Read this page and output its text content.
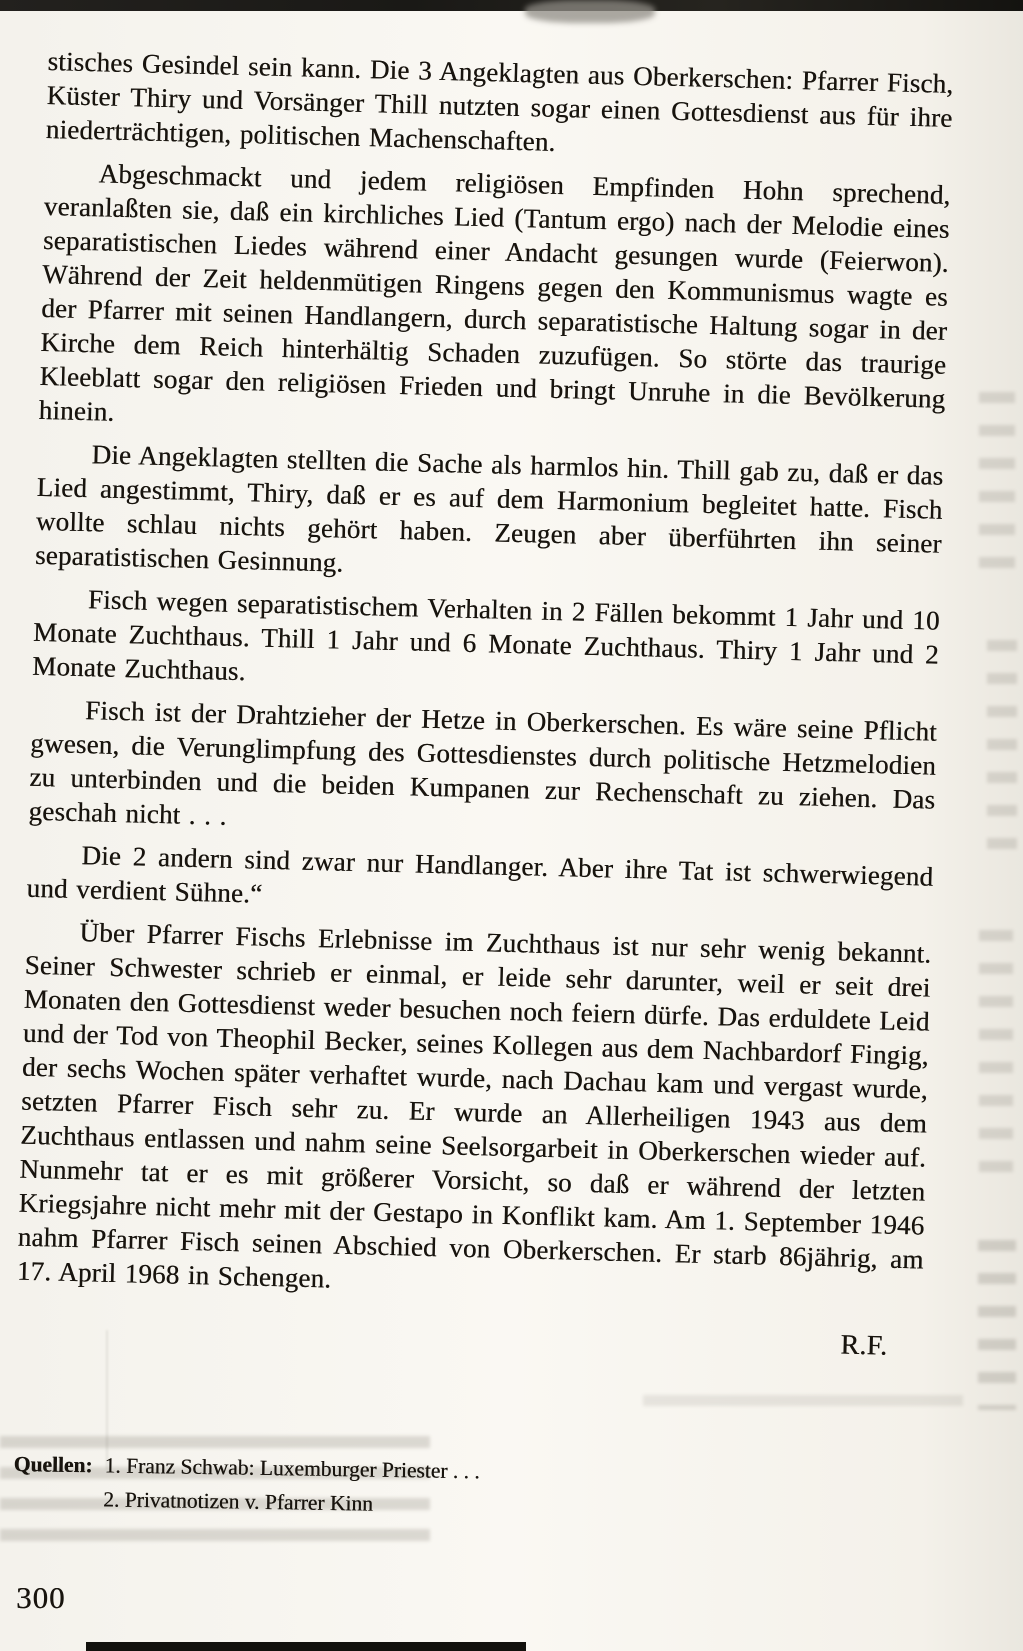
stisches Gesindel sein kann. Die 3 Angeklagten aus Oberkerschen: Pfarrer Fisch, Küster Thiry und Vorsänger Thill nutzten sogar einen Gottesdienst aus für ihre niederträchtigen, politischen Machenschaften.

Abgeschmackt und jedem religiösen Empfinden Hohn sprechend, veranlaßten sie, daß ein kirchliches Lied (Tantum ergo) nach der Melodie eines separatistischen Liedes während einer Andacht gesungen wurde (Feierwon). Während der Zeit heldenmütigen Ringens gegen den Kommunismus wagte es der Pfarrer mit seinen Handlangern, durch separatistische Haltung sogar in der Kirche dem Reich hinterhältig Schaden zuzufügen. So störte das traurige Kleeblatt sogar den religiösen Frieden und bringt Unruhe in die Bevölkerung hinein.

Die Angeklagten stellten die Sache als harmlos hin. Thill gab zu, daß er das Lied angestimmt, Thiry, daß er es auf dem Harmonium begleitet hatte. Fisch wollte schlau nichts gehört haben. Zeugen aber überführten ihn seiner separatistischen Gesinnung.

Fisch wegen separatistischem Verhalten in 2 Fällen bekommt 1 Jahr und 10 Monate Zuchthaus. Thill 1 Jahr und 6 Monate Zuchthaus. Thiry 1 Jahr und 2 Monate Zuchthaus.

Fisch ist der Drahtzieher der Hetze in Oberkerschen. Es wäre seine Pflicht gwesen, die Verunglimpfung des Gottesdienstes durch politische Hetzmelodien zu unterbinden und die beiden Kumpanen zur Rechenschaft zu ziehen. Das geschah nicht . . .

Die 2 andern sind zwar nur Handlanger. Aber ihre Tat ist schwerwiegend und verdient Sühne.“

Über Pfarrer Fischs Erlebnisse im Zuchthaus ist nur sehr wenig bekannt. Seiner Schwester schrieb er einmal, er leide sehr darunter, weil er seit drei Monaten den Gottesdienst weder besuchen noch feiern dürfe. Das erduldete Leid und der Tod von Theophil Becker, seines Kollegen aus dem Nachbardorf Fingig, der sechs Wochen später verhaftet wurde, nach Dachau kam und vergast wurde, setzten Pfarrer Fisch sehr zu. Er wurde an Allerheiligen 1943 aus dem Zuchthaus entlassen und nahm seine Seelsorgarbeit in Oberkerschen wieder auf. Nunmehr tat er es mit größerer Vorsicht, so daß er während der letzten Kriegsjahre nicht mehr mit der Gestapo in Konflikt kam. Am 1. September 1946 nahm Pfarrer Fisch seinen Abschied von Oberkerschen. Er starb 86jährig, am 17. April 1968 in Schengen.

R.F.

Quellen: 1. Franz Schwab: Luxemburger Priester . . .
2. Privatnotizen v. Pfarrer Kinn
300
